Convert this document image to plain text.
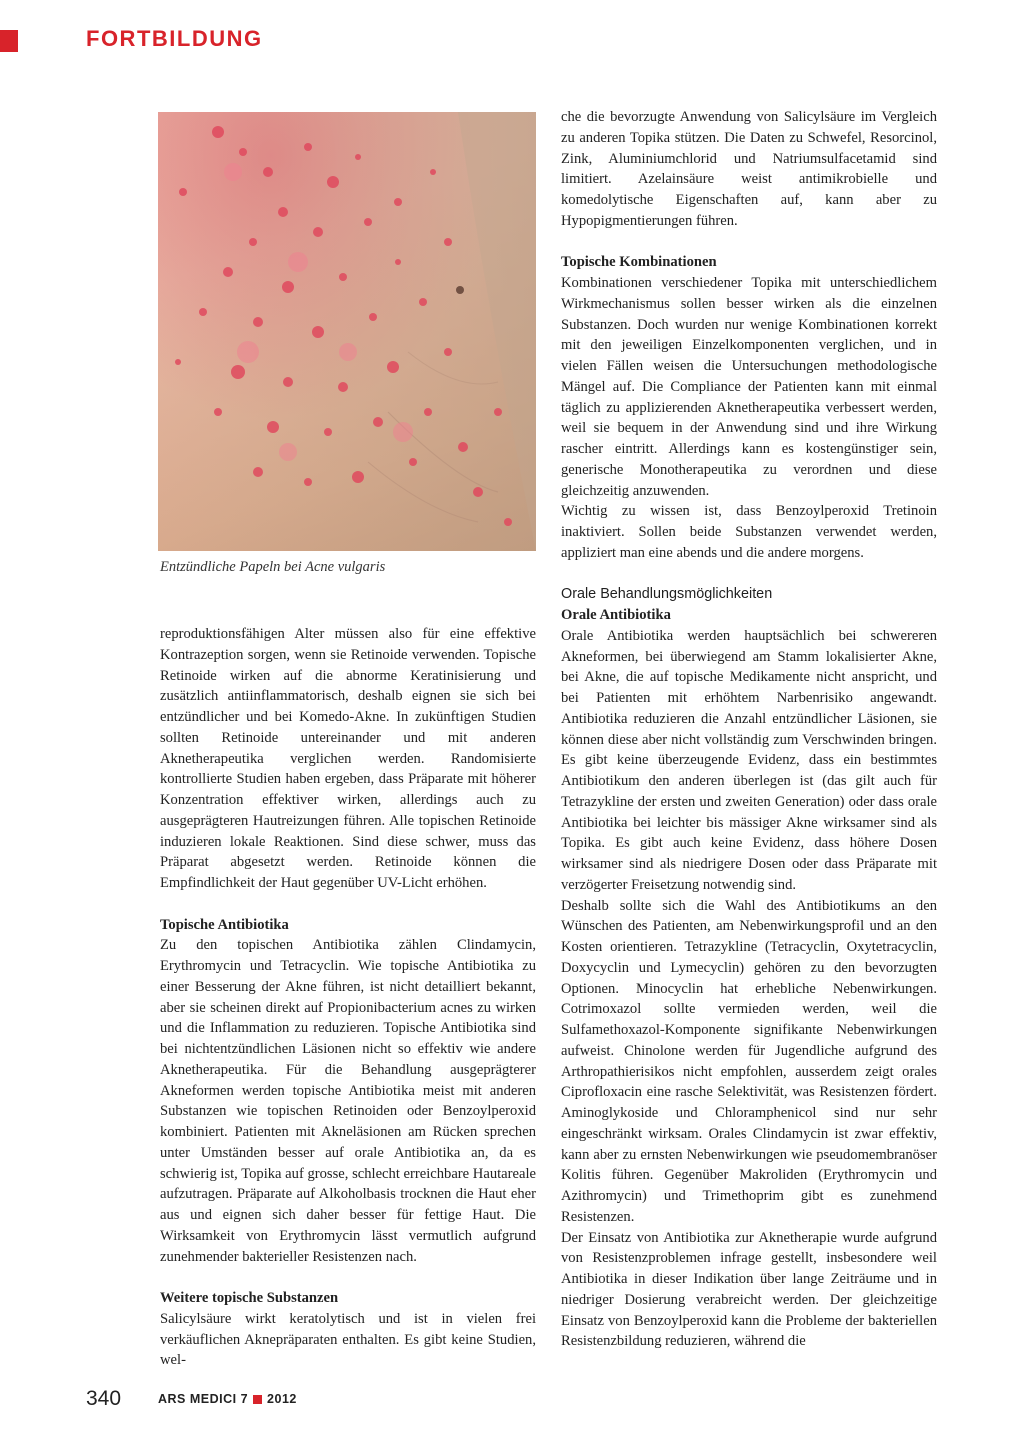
FORTBILDUNG
Entzündliche Papeln bei Acne vulgaris

reproduktionsfähigen Alter müssen also für eine effektive Kontrazeption sorgen, wenn sie Retinoide verwenden. Topische Retinoide wirken auf die abnorme Keratinisierung und zusätzlich antiinflammatorisch, deshalb eignen sie sich bei entzündlicher und bei Komedo-Akne. In zukünftigen Studien sollten Retinoide untereinander und mit anderen Aknetherapeutika verglichen werden. Randomisierte kontrollierte Studien haben ergeben, dass Präparate mit höherer Konzentration effektiver wirken, allerdings auch zu ausgeprägteren Hautreizungen führen. Alle topischen Retinoide induzieren lokale Reaktionen. Sind diese schwer, muss das Präparat abgesetzt werden. Retinoide können die Empfindlichkeit der Haut gegenüber UV-Licht erhöhen.

Topische Antibiotika

Zu den topischen Antibiotika zählen Clindamycin, Erythromycin und Tetracyclin. Wie topische Antibiotika zu einer Besserung der Akne führen, ist nicht detailliert bekannt, aber sie scheinen direkt auf Propionibacterium acnes zu wirken und die Inflammation zu reduzieren. Topische Antibiotika sind bei nichtentzündlichen Läsionen nicht so effektiv wie andere Aknetherapeutika. Für die Behandlung ausgeprägterer Akneformen werden topische Antibiotika meist mit anderen Substanzen wie topischen Retinoiden oder Benzoylperoxid kombiniert. Patienten mit Akneläsionen am Rücken sprechen unter Umständen besser auf orale Antibiotika an, da es schwierig ist, Topika auf grosse, schlecht erreichbare Hautareale aufzutragen. Präparate auf Alkoholbasis trocknen die Haut eher aus und eignen sich daher besser für fettige Haut. Die Wirksamkeit von Erythromycin lässt vermutlich aufgrund zunehmender bakterieller Resistenzen nach.

Weitere topische Substanzen

Salicylsäure wirkt keratolytisch und ist in vielen frei verkäuflichen Aknepräparaten enthalten. Es gibt keine Studien, wel-

che die bevorzugte Anwendung von Salicylsäure im Vergleich zu anderen Topika stützen. Die Daten zu Schwefel, Resorcinol, Zink, Aluminiumchlorid und Natriumsulfacetamid sind limitiert. Azelainsäure weist antimikrobielle und komedolytische Eigenschaften auf, kann aber zu Hypopigmentierungen führen.

Topische Kombinationen

Kombinationen verschiedener Topika mit unterschiedlichem Wirkmechanismus sollen besser wirken als die einzelnen Substanzen. Doch wurden nur wenige Kombinationen korrekt mit den jeweiligen Einzelkomponenten verglichen, und in vielen Fällen weisen die Untersuchungen methodologische Mängel auf. Die Compliance der Patienten kann mit einmal täglich zu applizierenden Aknetherapeutika verbessert werden, weil sie bequem in der Anwendung sind und ihre Wirkung rascher eintritt. Allerdings kann es kostengünstiger sein, generische Monotherapeutika zu verordnen und diese gleichzeitig anzuwenden.

Wichtig zu wissen ist, dass Benzoylperoxid Tretinoin inaktiviert. Sollen beide Substanzen verwendet werden, appliziert man eine abends und die andere morgens.

Orale Behandlungsmöglichkeiten
Orale Antibiotika

Orale Antibiotika werden hauptsächlich bei schwereren Akneformen, bei überwiegend am Stamm lokalisierter Akne, bei Akne, die auf topische Medikamente nicht anspricht, und bei Patienten mit erhöhtem Narbenrisiko angewandt. Antibiotika reduzieren die Anzahl entzündlicher Läsionen, sie können diese aber nicht vollständig zum Verschwinden bringen. Es gibt keine überzeugende Evidenz, dass ein bestimmtes Antibiotikum den anderen überlegen ist (das gilt auch für Tetrazykline der ersten und zweiten Generation) oder dass orale Antibiotika bei leichter bis mässiger Akne wirksamer sind als Topika. Es gibt auch keine Evidenz, dass höhere Dosen wirksamer sind als niedrigere Dosen oder dass Präparate mit verzögerter Freisetzung notwendig sind.

Deshalb sollte sich die Wahl des Antibiotikums an den Wünschen des Patienten, am Nebenwirkungsprofil und an den Kosten orientieren. Tetrazykline (Tetracyclin, Oxytetracyclin, Doxycyclin und Lymecyclin) gehören zu den bevorzugten Optionen. Minocyclin hat erhebliche Nebenwirkungen. Cotrimoxazol sollte vermieden werden, weil die Sulfamethoxazol-Komponente signifikante Nebenwirkungen aufweist. Chinolone werden für Jugendliche aufgrund des Arthropathierisikos nicht empfohlen, ausserdem zeigt orales Ciprofloxacin eine rasche Selektivität, was Resistenzen fördert. Aminoglykoside und Chloramphenicol sind nur sehr eingeschränkt wirksam. Orales Clindamycin ist zwar effektiv, kann aber zu ernsten Nebenwirkungen wie pseudomembranöser Kolitis führen. Gegenüber Makroliden (Erythromycin und Azithromycin) und Trimethoprim gibt es zunehmend Resistenzen.

Der Einsatz von Antibiotika zur Aknetherapie wurde aufgrund von Resistenzproblemen infrage gestellt, insbesondere weil Antibiotika in dieser Indikation über lange Zeiträume und in niedriger Dosierung verabreicht werden. Der gleichzeitige Einsatz von Benzoylperoxid kann die Probleme der bakteriellen Resistenzbildung reduzieren, während die

340	ARS MEDICI 7 2012
